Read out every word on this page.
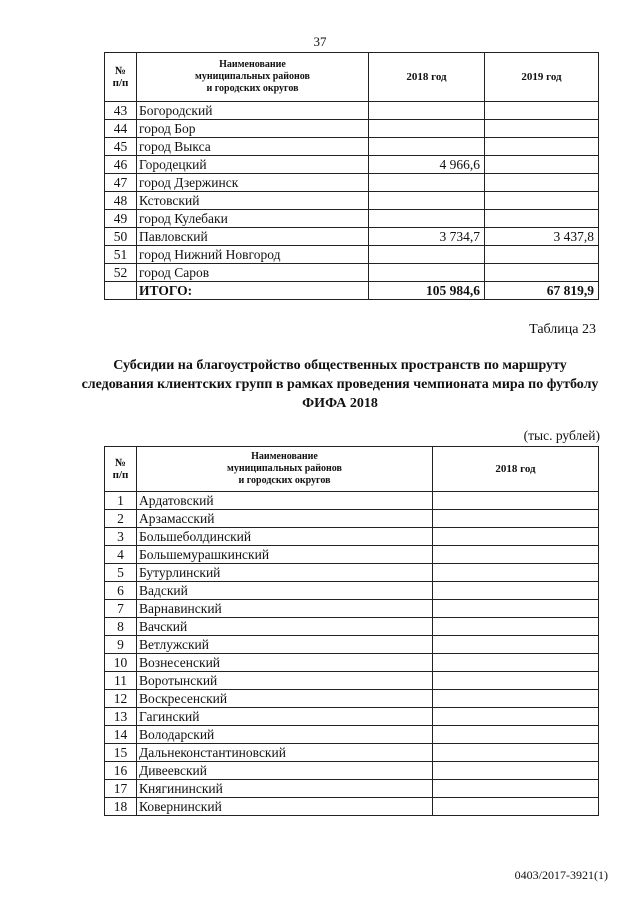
37
№
п/п	Наименование
муниципальных районов
и городских округов	2018 год	2019 год
43	Богородский		
44	город Бор		
45	город Выкса		
46	Городецкий	4 966,6	
47	город Дзержинск		
48	Кстовский		
49	город Кулебаки		
50	Павловский	3 734,7	3 437,8
51	город Нижний Новгород		
52	город Саров		
	ИТОГО:	105 984,6	67 819,9
Таблица 23
Субсидии на благоустройство общественных пространств по маршруту следования клиентских групп в рамках проведения чемпионата мира по футболу ФИФА 2018
(тыс. рублей)
№
п/п	Наименование
муниципальных районов
и городских округов	2018 год
1	Ардатовский	
2	Арзамасский	
3	Большеболдинский	
4	Большемурашкинский	
5	Бутурлинский	
6	Вадский	
7	Варнавинский	
8	Вачский	
9	Ветлужский	
10	Вознесенский	
11	Воротынский	
12	Воскресенский	
13	Гагинский	
14	Володарский	
15	Дальнеконстантиновский	
16	Дивеевский	
17	Княгининский	
18	Ковернинский	
0403/2017-3921(1)
